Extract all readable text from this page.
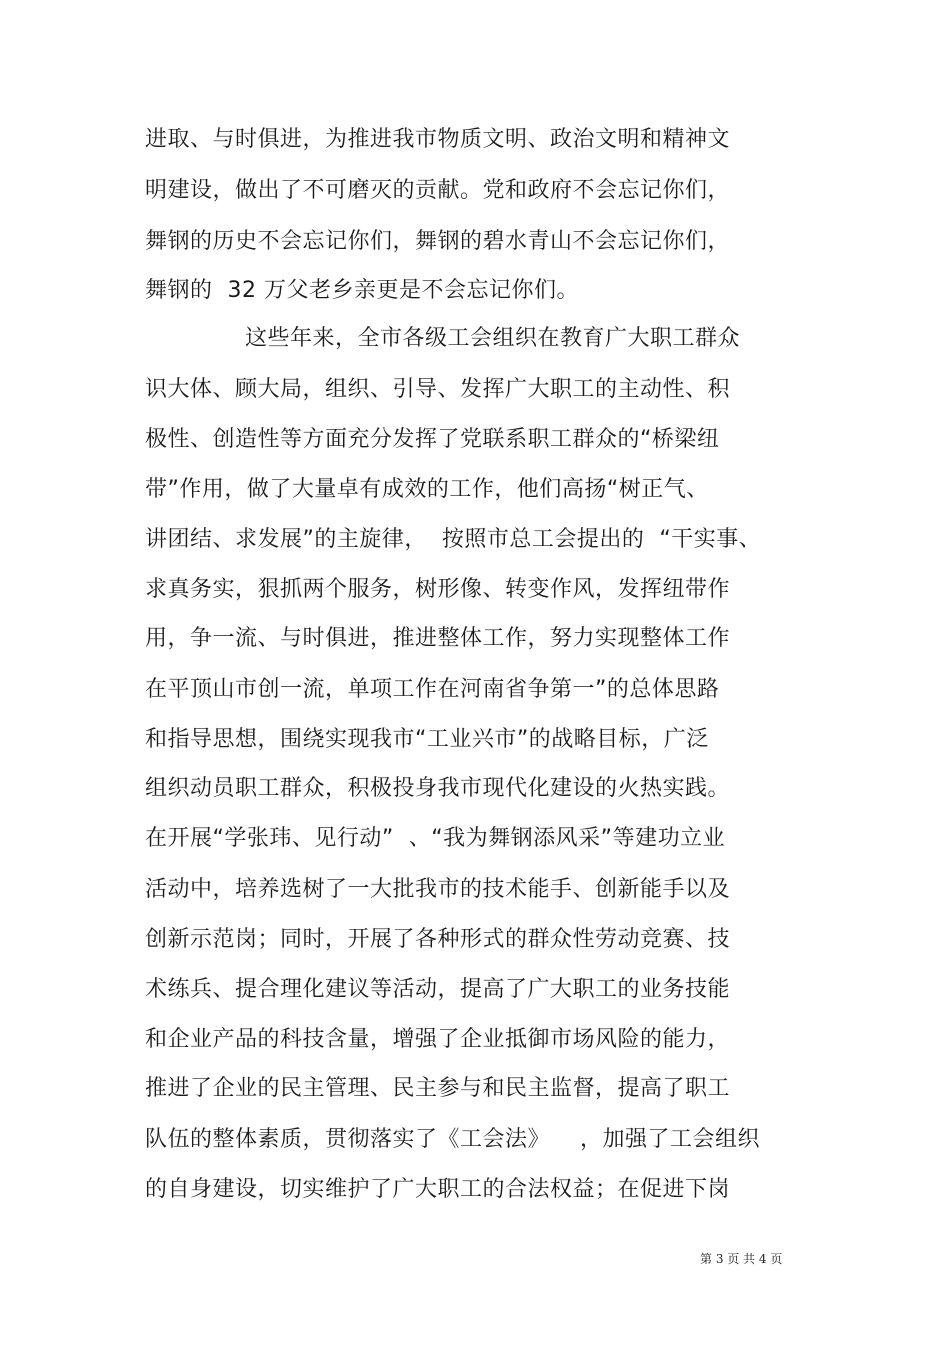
进取、与时俱进，为推进我市物质文明、政治文明和精神文
明建设，做出了不可磨灭的贡献。党和政府不会忘记你们，
舞钢的历史不会忘记你们，舞钢的碧水青山不会忘记你们，
舞钢的  32 万父老乡亲更是不会忘记你们。
这些年来，全市各级工会组织在教育广大职工群众
识大体、顾大局，组织、引导、发挥广大职工的主动性、积
极性、创造性等方面充分发挥了党联系职工群众的“桥梁纽
带”作用，做了大量卓有成效的工作，他们高扬“树正气、
讲团结、求发展”的主旋律，  按照市总工会提出的  “干实事、
求真务实，狠抓两个服务，树形像、转变作风，发挥纽带作
用，争一流、与时俱进，推进整体工作，努力实现整体工作
在平顶山市创一流，单项工作在河南省争第一”的总体思路
和指导思想，围绕实现我市“工业兴市”的战略目标，广泛
组织动员职工群众，积极投身我市现代化建设的火热实践。
在开展“学张玮、见行动”  、“我为舞钢添风采”等建功立业
活动中，培养选树了一大批我市的技术能手、创新能手以及
创新示范岗；同时，开展了各种形式的群众性劳动竞赛、技
术练兵、提合理化建议等活动，提高了广大职工的业务技能
和企业产品的科技含量，增强了企业抵御市场风险的能力，
推进了企业的民主管理、民主参与和民主监督，提高了职工
队伍的整体素质，贯彻落实了《工会法》    ，加强了工会组织
的自身建设，切实维护了广大职工的合法权益；在促进下岗
第 3 页 共 4 页
